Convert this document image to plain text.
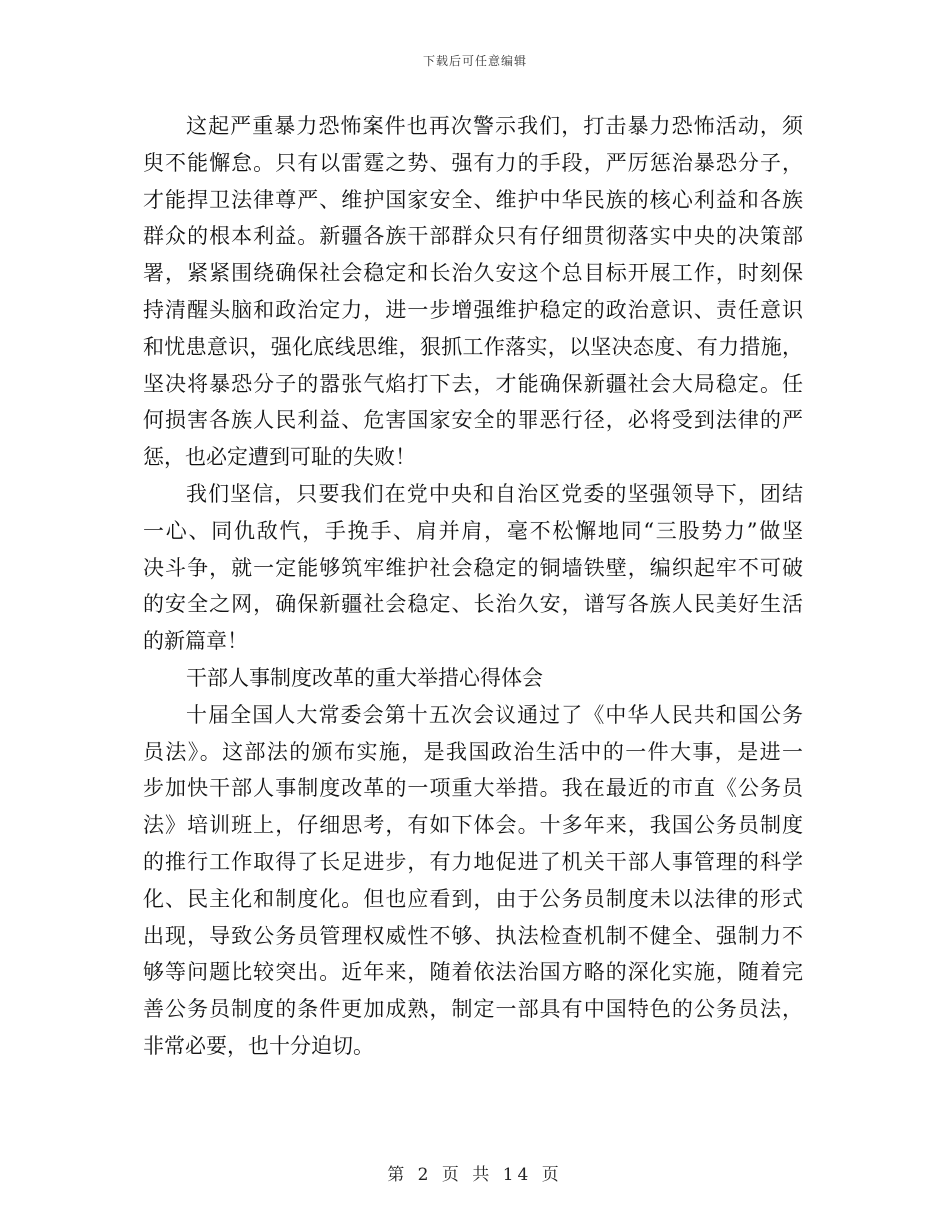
下载后可任意编辑
这起严重暴力恐怖案件也再次警示我们，打击暴力恐怖活动，须
臾不能懈怠。只有以雷霆之势、强有力的手段，严厉惩治暴恐分子，
才能捍卫法律尊严、维护国家安全、维护中华民族的核心利益和各族
群众的根本利益。新疆各族干部群众只有仔细贯彻落实中央的决策部
署，紧紧围绕确保社会稳定和长治久安这个总目标开展工作，时刻保
持清醒头脑和政治定力，进一步增强维护稳定的政治意识、责任意识
和忧患意识，强化底线思维，狠抓工作落实，以坚决态度、有力措施，
坚决将暴恐分子的嚣张气焰打下去，才能确保新疆社会大局稳定。任
何损害各族人民利益、危害国家安全的罪恶行径，必将受到法律的严
惩，也必定遭到可耻的失败！
我们坚信，只要我们在党中央和自治区党委的坚强领导下，团结
一心、同仇敌忾，手挽手、肩并肩，毫不松懈地同“三股势力”做坚
决斗争，就一定能够筑牢维护社会稳定的铜墙铁壁，编织起牢不可破
的安全之网，确保新疆社会稳定、长治久安，谱写各族人民美好生活
的新篇章！
干部人事制度改革的重大举措心得体会
十届全国人大常委会第十五次会议通过了《中华人民共和国公务
员法》。这部法的颁布实施，是我国政治生活中的一件大事，是进一
步加快干部人事制度改革的一项重大举措。我在最近的市直《公务员
法》培训班上，仔细思考，有如下体会。十多年来，我国公务员制度
的推行工作取得了长足进步，有力地促进了机关干部人事管理的科学
化、民主化和制度化。但也应看到，由于公务员制度未以法律的形式
出现，导致公务员管理权威性不够、执法检查机制不健全、强制力不
够等问题比较突出。近年来，随着依法治国方略的深化实施，随着完
善公务员制度的条件更加成熟，制定一部具有中国特色的公务员法，
非常必要，也十分迫切。
第 2 页 共 14 页
